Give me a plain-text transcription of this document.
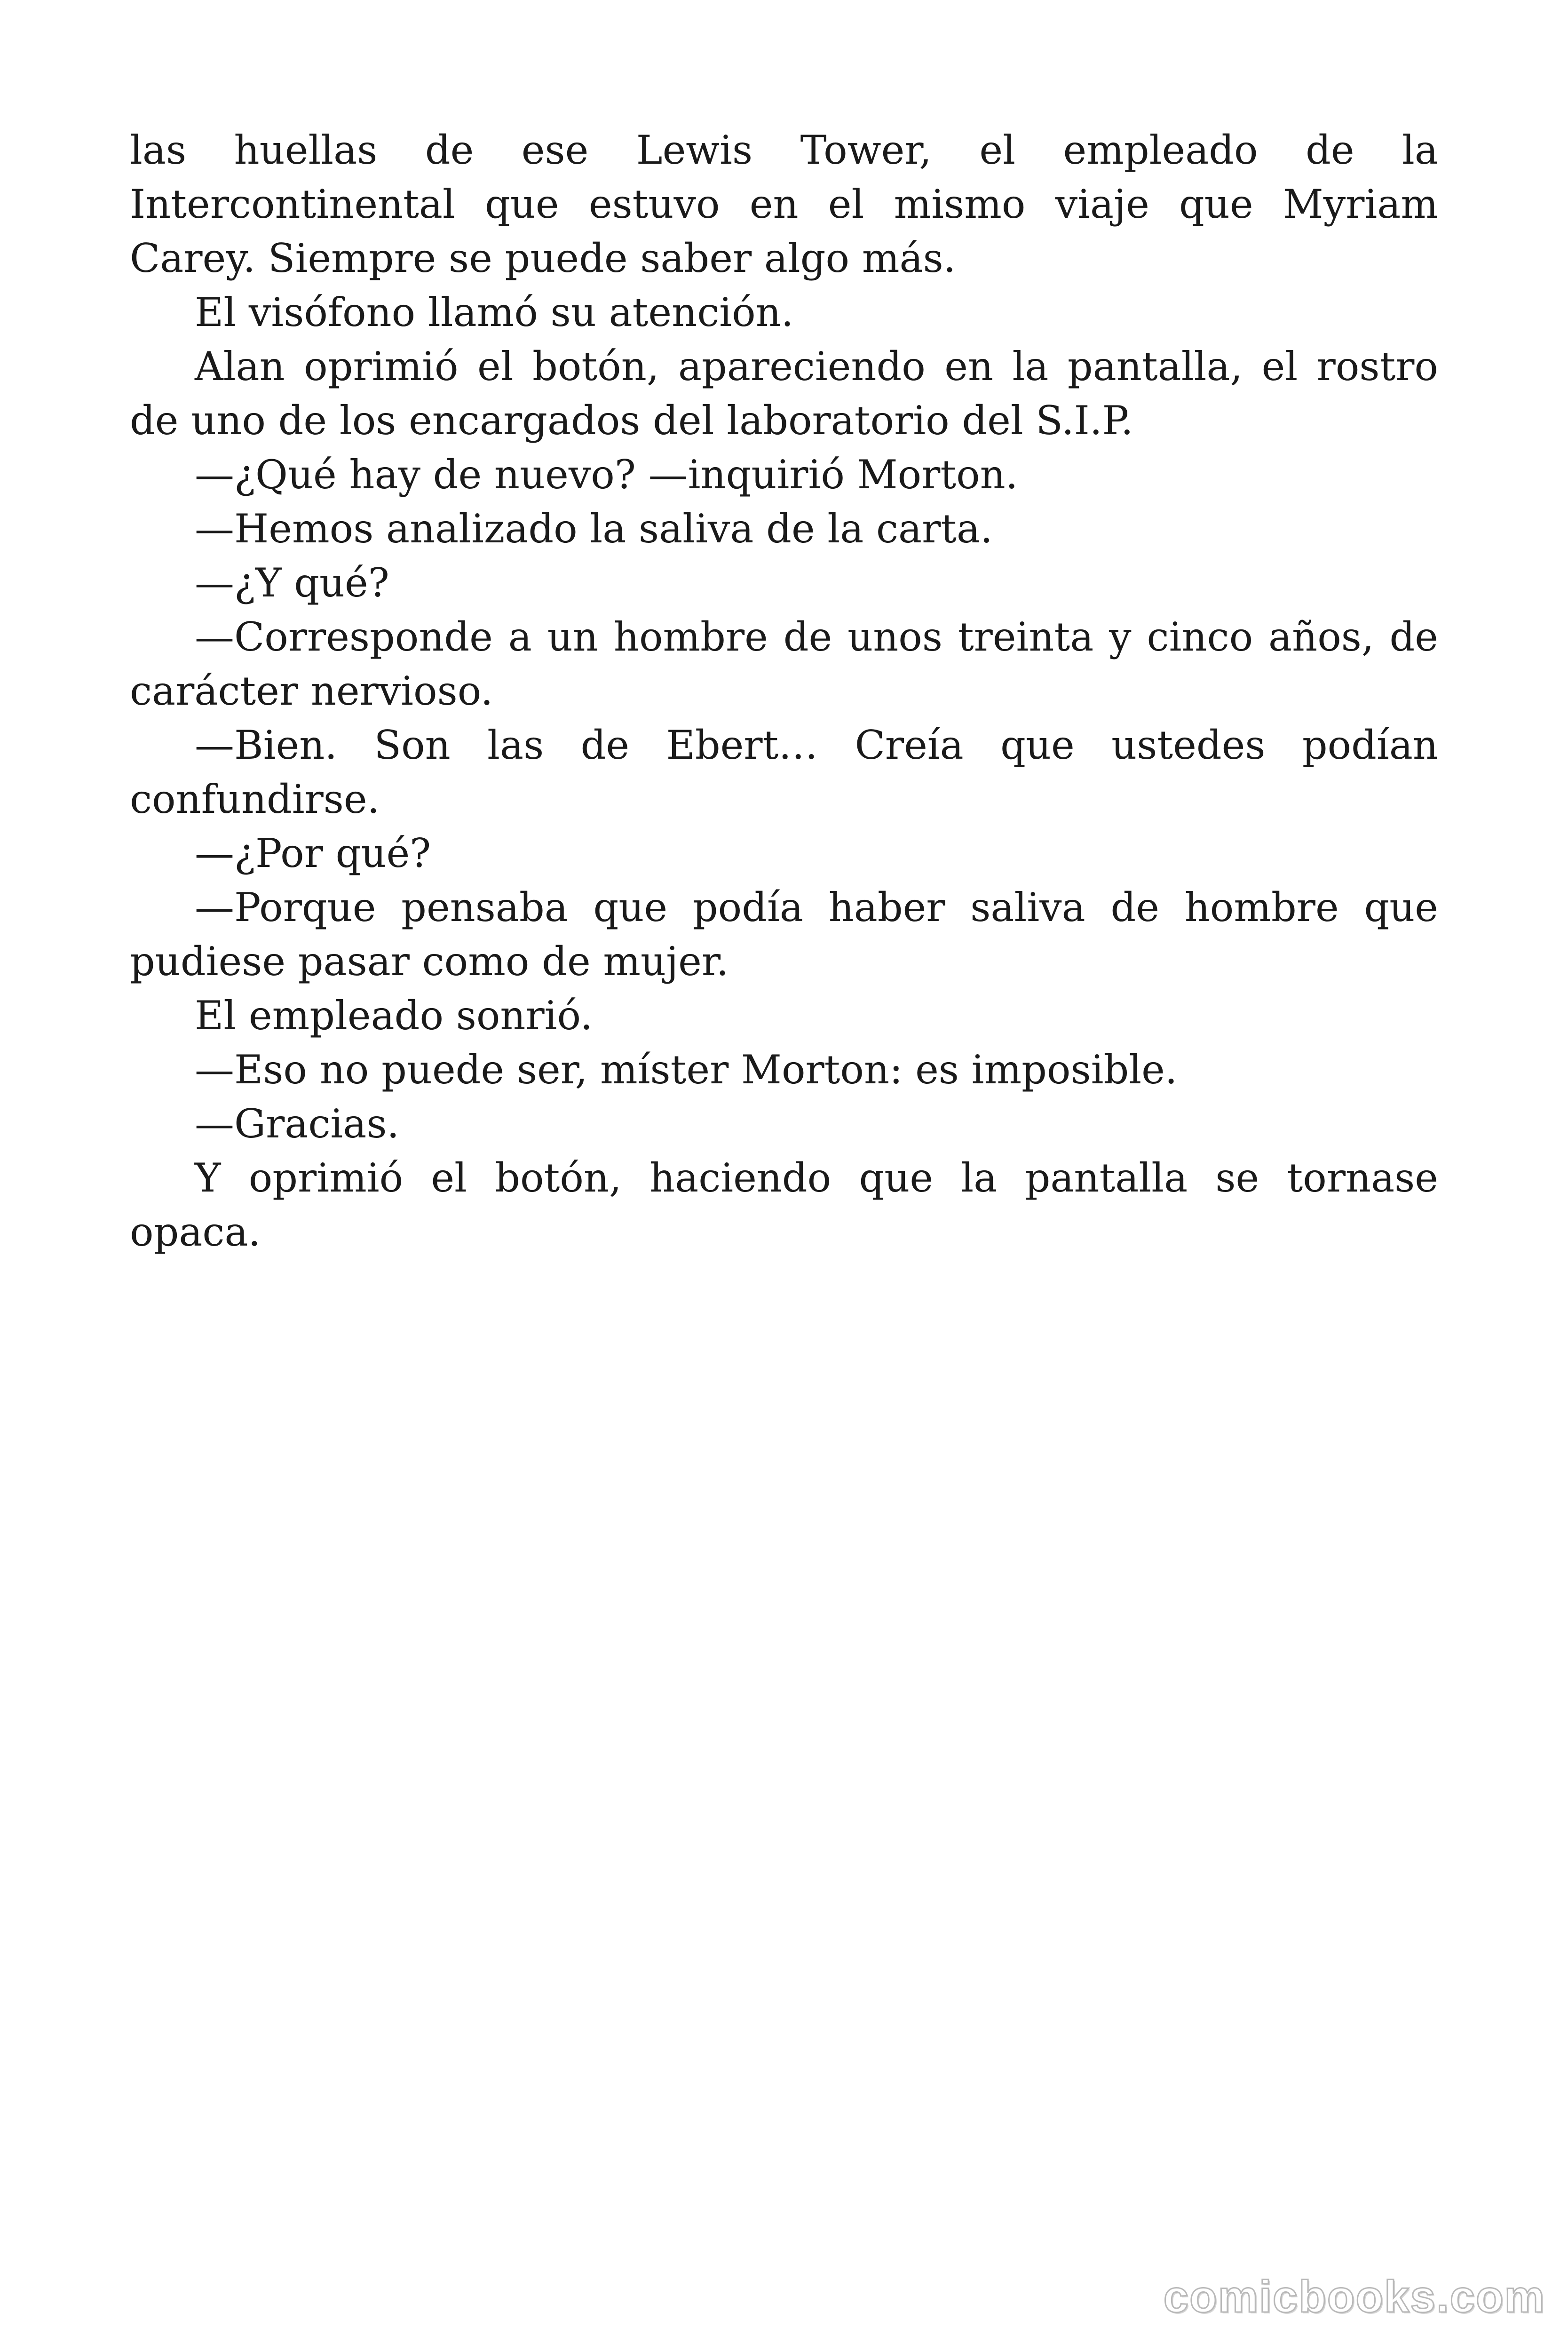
las huellas de ese Lewis Tower, el empleado de la Intercontinental que estuvo en el mismo viaje que Myriam Carey. Siempre se puede saber algo más.

El visófono llamó su atención.

Alan oprimió el botón, apareciendo en la pantalla, el rostro de uno de los encargados del laboratorio del S.I.P.

—¿Qué hay de nuevo? —inquirió Morton.

—Hemos analizado la saliva de la carta.

—¿Y qué?

—Corresponde a un hombre de unos treinta y cinco años, de carácter nervioso.

—Bien. Son las de Ebert… Creía que ustedes podían confundirse.

—¿Por qué?

—Porque pensaba que podía haber saliva de hombre que pudiese pasar como de mujer.

El empleado sonrió.

—Eso no puede ser, míster Morton: es imposible.

—Gracias.

Y oprimió el botón, haciendo que la pantalla se tornase opaca.

comicbooks.com
